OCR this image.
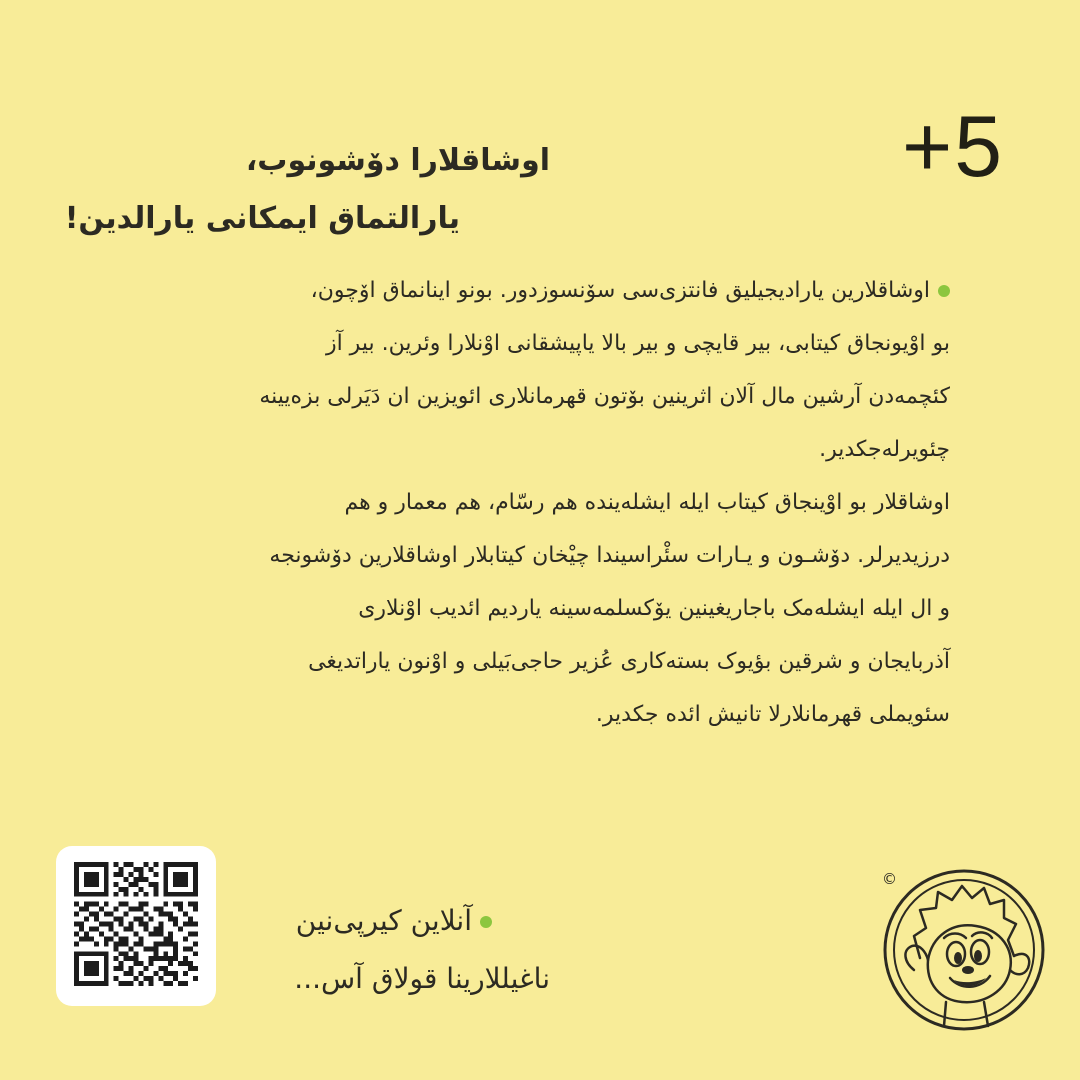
+5
اوشاقلارا دۆشونوب،
یارالتماق ایمکانی یارالدین!
اوشاقلارین یارادیجیلیق فانتزی‌سی سۆنسوزدور. بونو اینانماق اۆچون،
بو اوْیونجاق کیتابی، بیر قایچی و بیر بالا یاپیشقانی اوْنلارا وئرین. بیر آز
کئچمه‌دن آرشین مال آلان اثرینین بۆتون قهرمانلاری ائویزین ان دَیَرلی بزه‌یینه
چئویرله‌جکدیر.
اوشاقلار بو اوْینجاق کیتاب ایله ایشله‌ینده هم رسّام، هم معمار و هم
درزیدیرلر. دۆشـون و یـارات سئْراسیندا چیْخان کیتابلار اوشاقلارین دۆشونجه
و ال ایله ایشله‌مک باجاریغینین یۆکسلمه‌سینه یاردیم ائدیب اوْنلاری
آذربایجان و شرقین بؤیوک بسته‌کاری عُزیر حاجی‌بَیلی و اوْنون یاراتدیغی
سئویملی قهرمانلارلا تانیش ائده جکدیر.
آنلاین کیرپی‌نین
ناغیللارینا قولاق آس...
©
